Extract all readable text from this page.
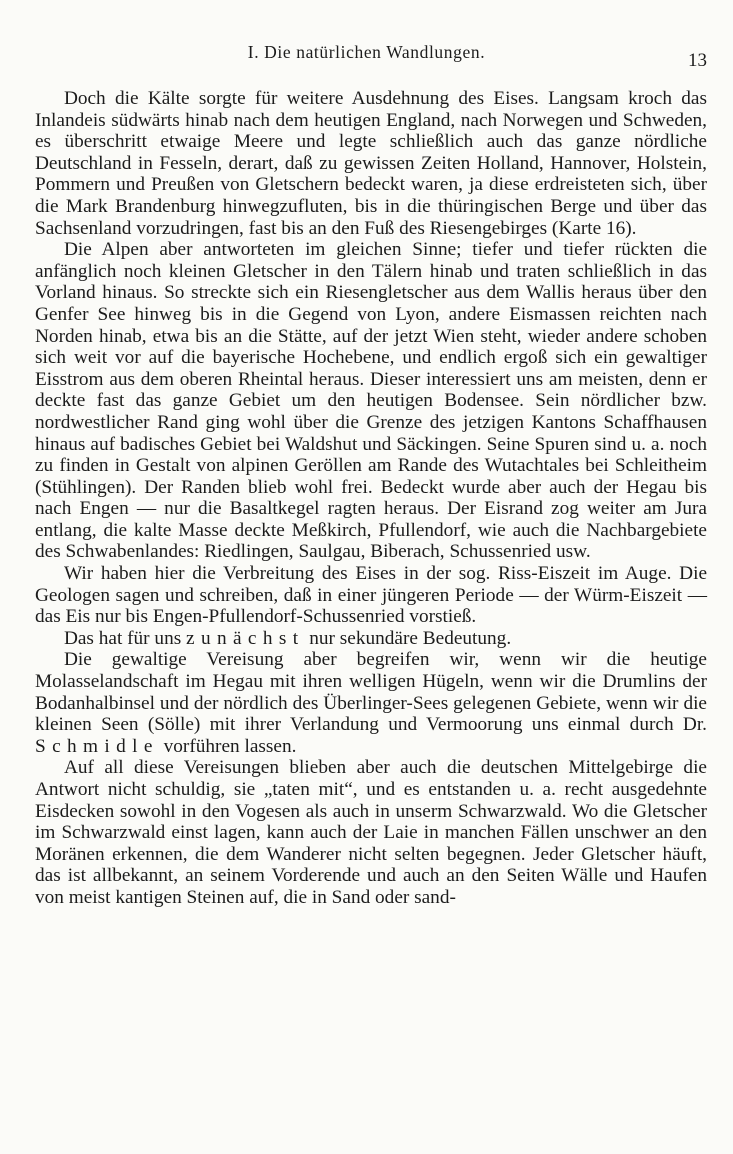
I. Die natürlichen Wandlungen.	13

Doch die Kälte sorgte für weitere Ausdehnung des Eises. Langsam kroch das Inlandeis südwärts hinab nach dem heutigen England, nach Norwegen und Schweden, es überschritt etwaige Meere und legte schließlich auch das ganze nördliche Deutschland in Fesseln, derart, daß zu gewissen Zeiten Holland, Hannover, Holstein, Pommern und Preußen von Gletschern bedeckt waren, ja diese erdreisteten sich, über die Mark Brandenburg hinwegzufluten, bis in die thüringischen Berge und über das Sachsenland vorzudringen, fast bis an den Fuß des Riesengebirges (Karte 16).

Die Alpen aber antworteten im gleichen Sinne; tiefer und tiefer rückten die anfänglich noch kleinen Gletscher in den Tälern hinab und traten schließlich in das Vorland hinaus. So streckte sich ein Riesengletscher aus dem Wallis heraus über den Genfer See hinweg bis in die Gegend von Lyon, andere Eismassen reichten nach Norden hinab, etwa bis an die Stätte, auf der jetzt Wien steht, wieder andere schoben sich weit vor auf die bayerische Hochebene, und endlich ergoß sich ein gewaltiger Eisstrom aus dem oberen Rheintal heraus. Dieser interessiert uns am meisten, denn er deckte fast das ganze Gebiet um den heutigen Bodensee. Sein nördlicher bzw. nordwestlicher Rand ging wohl über die Grenze des jetzigen Kantons Schaffhausen hinaus auf badisches Gebiet bei Waldshut und Säckingen. Seine Spuren sind u. a. noch zu finden in Gestalt von alpinen Geröllen am Rande des Wutachtales bei Schleitheim (Stühlingen). Der Randen blieb wohl frei. Bedeckt wurde aber auch der Hegau bis nach Engen — nur die Basaltkegel ragten heraus. Der Eisrand zog weiter am Jura entlang, die kalte Masse deckte Meßkirch, Pfullendorf, wie auch die Nachbargebiete des Schwabenlandes: Riedlingen, Saulgau, Biberach, Schussenried usw.

Wir haben hier die Verbreitung des Eises in der sog. Riss-Eiszeit im Auge. Die Geologen sagen und schreiben, daß in einer jüngeren Periode — der Würm-Eiszeit — das Eis nur bis Engen-Pfullendorf-Schussenried vorstieß.

Das hat für uns zunächst nur sekundäre Bedeutung.

Die gewaltige Vereisung aber begreifen wir, wenn wir die heutige Molasselandschaft im Hegau mit ihren welligen Hügeln, wenn wir die Drumlins der Bodanhalbinsel und der nördlich des Überlinger-Sees gelegenen Gebiete, wenn wir die kleinen Seen (Sölle) mit ihrer Verlandung und Vermoorung uns einmal durch Dr. Schmidle vorführen lassen.

Auf all diese Vereisungen blieben aber auch die deutschen Mittelgebirge die Antwort nicht schuldig, sie „taten mit“, und es entstanden u. a. recht ausgedehnte Eisdecken sowohl in den Vogesen als auch in unserm Schwarzwald. Wo die Gletscher im Schwarzwald einst lagen, kann auch der Laie in manchen Fällen unschwer an den Moränen erkennen, die dem Wanderer nicht selten begegnen. Jeder Gletscher häuft, das ist allbekannt, an seinem Vorderende und auch an den Seiten Wälle und Haufen von meist kantigen Steinen auf, die in Sand oder sand-
